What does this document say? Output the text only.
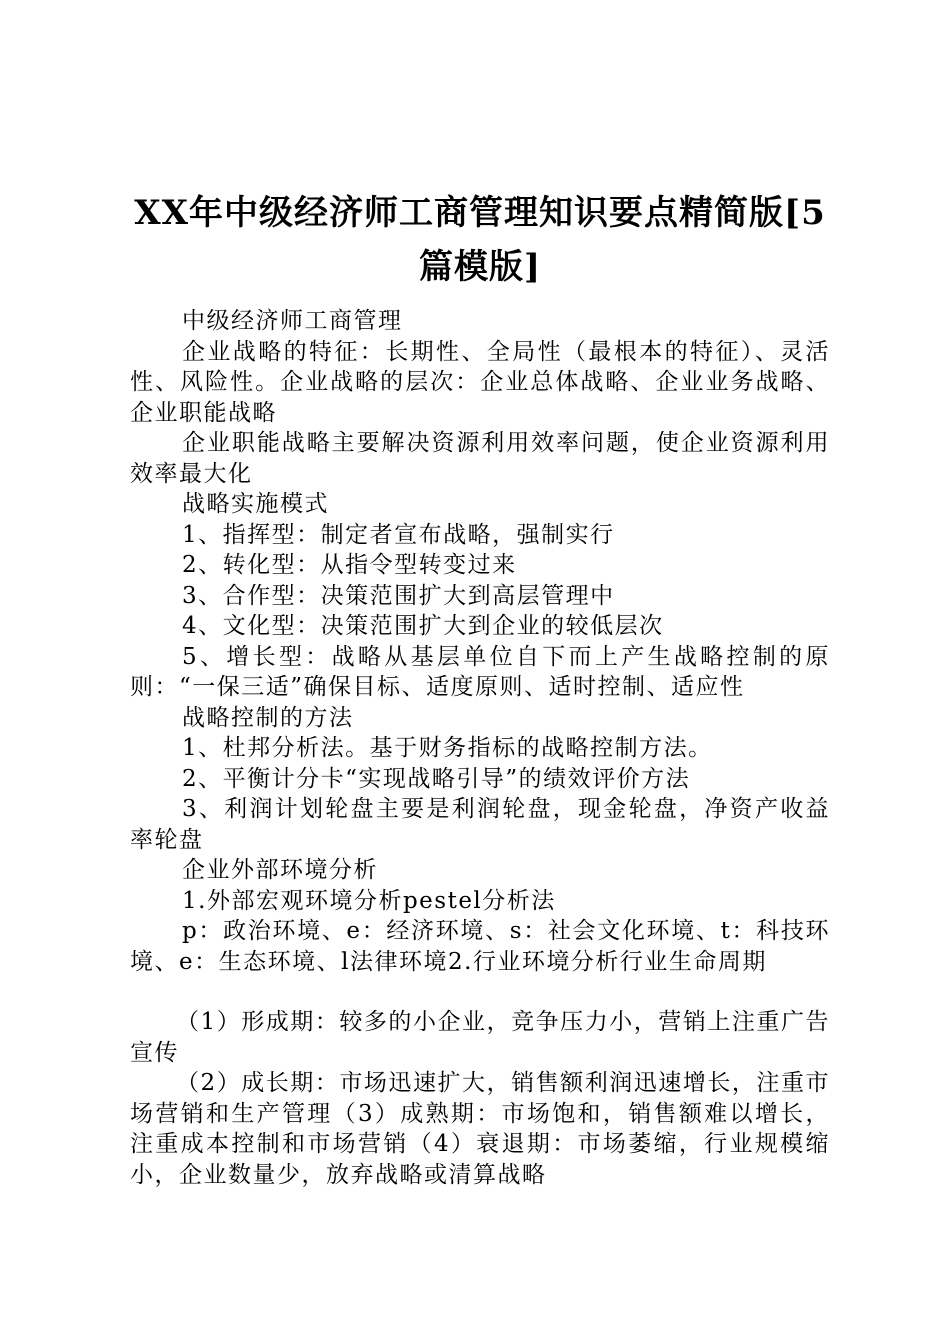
XX年中级经济师工商管理知识要点精简版[5篇模版]

中级经济师工商管理

企业战略的特征：长期性、全局性（最根本的特征）、灵活性、风险性。企业战略的层次：企业总体战略、企业业务战略、企业职能战略

企业职能战略主要解决资源利用效率问题，使企业资源利用效率最大化

战略实施模式

1、指挥型：制定者宣布战略，强制实行

2、转化型：从指令型转变过来

3、合作型：决策范围扩大到高层管理中

4、文化型：决策范围扩大到企业的较低层次

5、增长型：战略从基层单位自下而上产生战略控制的原则：“一保三适”确保目标、适度原则、适时控制、适应性

战略控制的方法

1、杜邦分析法。基于财务指标的战略控制方法。

2、平衡计分卡“实现战略引导”的绩效评价方法

3、利润计划轮盘主要是利润轮盘，现金轮盘，净资产收益率轮盘

企业外部环境分析

1.外部宏观环境分析pestel分析法

p：政治环境、e：经济环境、s：社会文化环境、t：科技环境、e：生态环境、l法律环境2.行业环境分析行业生命周期

（1）形成期：较多的小企业，竞争压力小，营销上注重广告宣传

（2）成长期：市场迅速扩大，销售额利润迅速增长，注重市场营销和生产管理（3）成熟期：市场饱和，销售额难以增长，注重成本控制和市场营销（4）衰退期：市场萎缩，行业规模缩小，企业数量少，放弃战略或清算战略
